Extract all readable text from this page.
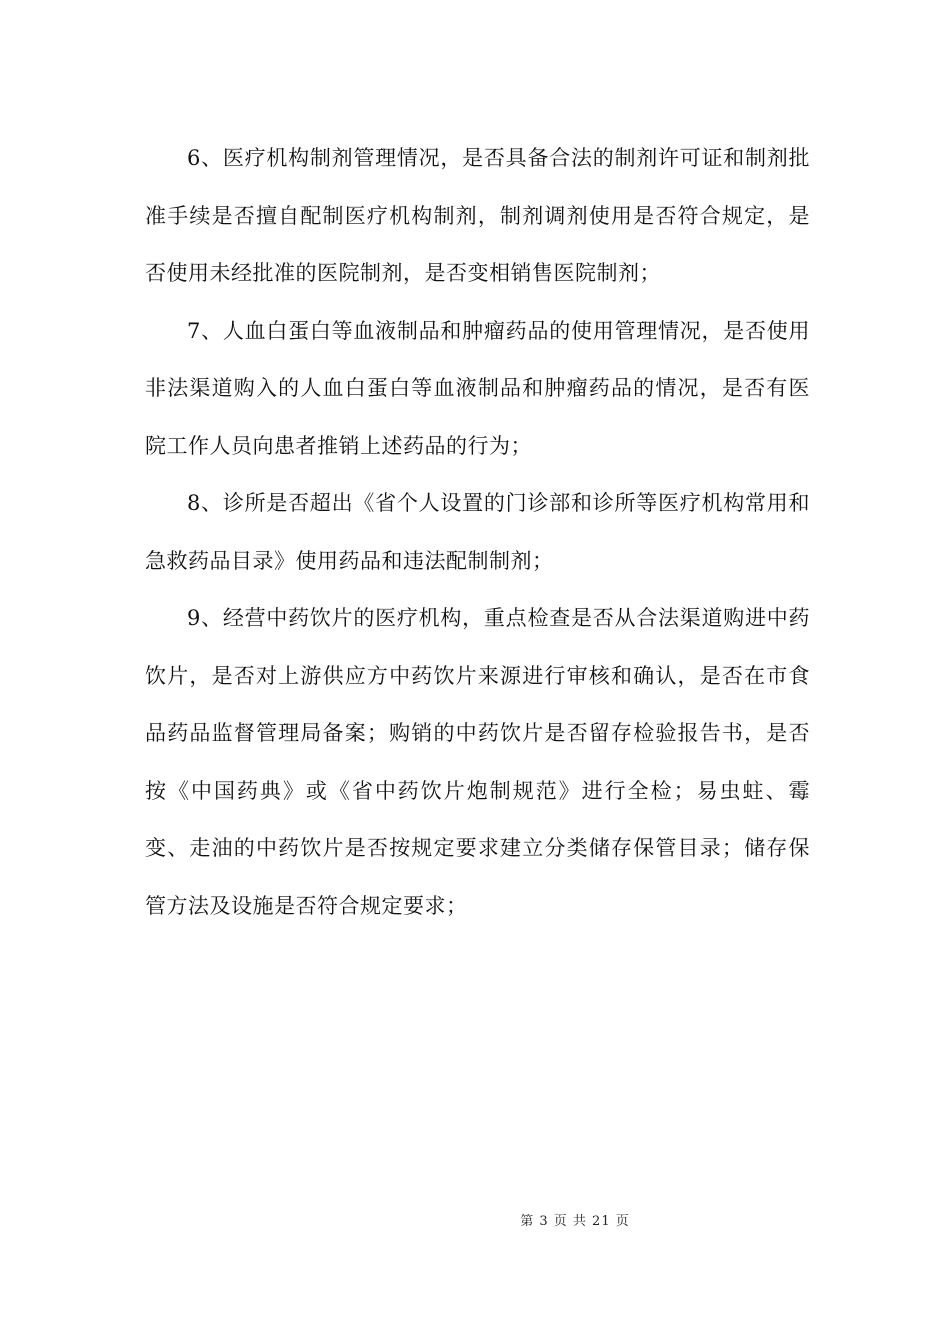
6、医疗机构制剂管理情况，是否具备合法的制剂许可证和制剂批准手续是否擅自配制医疗机构制剂，制剂调剂使用是否符合规定，是否使用未经批准的医院制剂，是否变相销售医院制剂；

7、人血白蛋白等血液制品和肿瘤药品的使用管理情况，是否使用非法渠道购入的人血白蛋白等血液制品和肿瘤药品的情况，是否有医院工作人员向患者推销上述药品的行为；

8、诊所是否超出《省个人设置的门诊部和诊所等医疗机构常用和急救药品目录》使用药品和违法配制制剂；

9、经营中药饮片的医疗机构，重点检查是否从合法渠道购进中药饮片，是否对上游供应方中药饮片来源进行审核和确认，是否在市食品药品监督管理局备案；购销的中药饮片是否留存检验报告书，是否按《中国药典》或《省中药饮片炮制规范》进行全检；易虫蛀、霉变、走油的中药饮片是否按规定要求建立分类储存保管目录；储存保管方法及设施是否符合规定要求；

第 3 页 共 21 页
